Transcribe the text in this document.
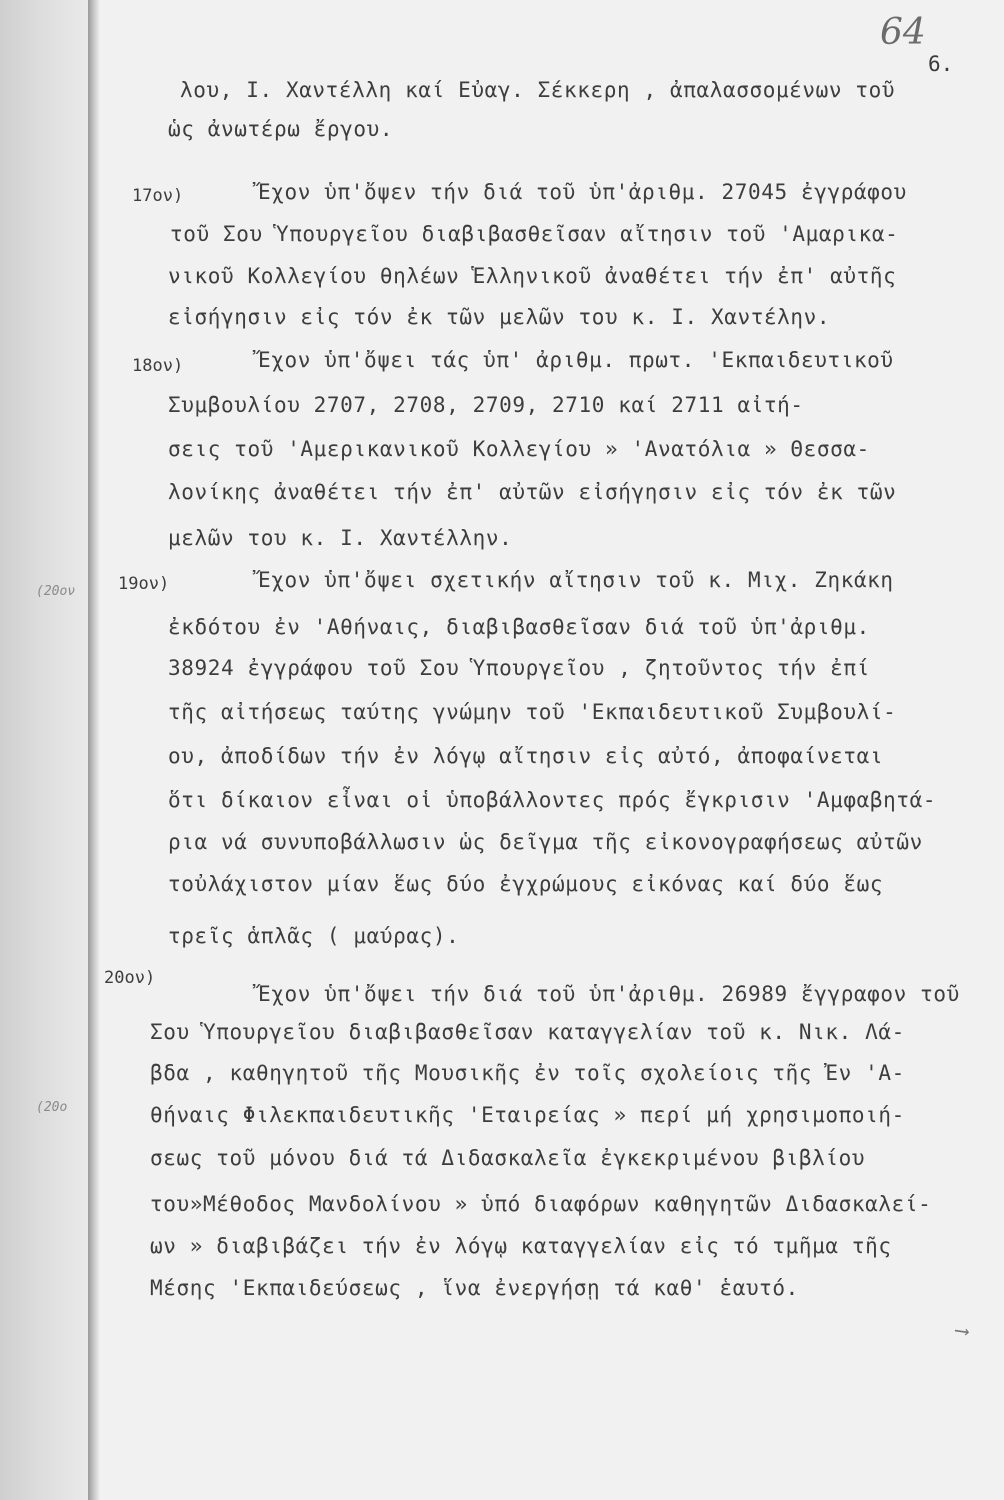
64
6.
(20ον
(20ο
λου, Ι. Χαντέλλη καί Εὐαγ. Σέκκερη , ἀπαλασσομένων τοῦ
ὡς ἀνωτέρω ἔργου.
17ον)	Ἔχον ὑπ'ὄψεν τήν διά τοῦ ὑπ'ἀριθμ. 27045 ἐγγράφου
τοῦ Σου Ὑπουργεῖου διαβιβασθεῖσαν αἴτησιν τοῦ 'Αμαρικα-
νικοῦ Κολλεγίου θηλέων Ἑλληνικοῦ ἀναθέτει τήν ἐπ' αὐτῆς
εἰσήγησιν εἰς τόν ἐκ τῶν μελῶν του κ. Ι. Χαντέλην.
18ον)	Ἔχον ὑπ'ὄψει τάς ὑπ' ἀριθμ. πρωτ. 'Εκπαιδευτικοῦ
Συμβουλίου 2707, 2708, 2709, 2710 καί 2711 αἰτή-
σεις τοῦ 'Αμερικανικοῦ Κολλεγίου » 'Ανατόλια » Θεσσα-
λονίκης ἀναθέτει τήν ἐπ' αὐτῶν εἰσήγησιν εἰς τόν ἐκ τῶν
μελῶν του κ. Ι. Χαντέλλην.
19ον)	Ἔχον ὑπ'ὄψει σχετικήν αἴτησιν τοῦ κ. Μιχ. Ζηκάκη
ἐκδότου ἐν 'Αθήναις, διαβιβασθεῖσαν διά τοῦ ὑπ'ἀριθμ.
38924 ἐγγράφου τοῦ Σου Ὑπουργεῖου , ζητοῦντος τήν ἐπί
τῆς αἰτήσεως ταύτης γνώμην τοῦ 'Εκπαιδευτικοῦ Συμβουλί-
ου, ἀποδίδων τήν ἐν λόγῳ αἴτησιν εἰς αὐτό, ἀποφαίνεται
ὅτι δίκαιον εἶναι οἱ ὑποβάλλοντες πρός ἔγκρισιν 'Αμφαβητά-
ρια νά συνυποβάλλωσιν ὡς δεῖγμα τῆς εἰκονογραφήσεως αὐτῶν
τοὐλάχιστον μίαν ἕως δύο ἐγχρώμους εἰκόνας καί δύο ἕως
τρεῖς ἁπλᾶς ( μαύρας).
20ον)
Ἔχον ὑπ'ὄψει τήν διά τοῦ ὑπ'ἀριθμ. 26989 ἔγγραφον τοῦ
Σου Ὑπουργεῖου διαβιβασθεῖσαν καταγγελίαν τοῦ κ. Νικ. Λά-
βδα , καθηγητοῦ τῆς Μουσικῆς ἐν τοῖς σχολείοις τῆς Ἐν 'Α-
θήναις Φιλεκπαιδευτικῆς 'Εταιρείας » περί μή χρησιμοποιή-
σεως τοῦ μόνου διά τά Διδασκαλεῖα ἐγκεκριμένου βιβλίου
του»Μέθοδος Μανδολίνου » ὑπό διαφόρων καθηγητῶν Διδασκαλεί-
ων » διαβιβάζει τήν ἐν λόγῳ καταγγελίαν εἰς τό τμῆμα τῆς
Μέσης 'Εκπαιδεύσεως , ἵνα ἐνεργήσῃ τά καθ' ἑαυτό.
⟶
